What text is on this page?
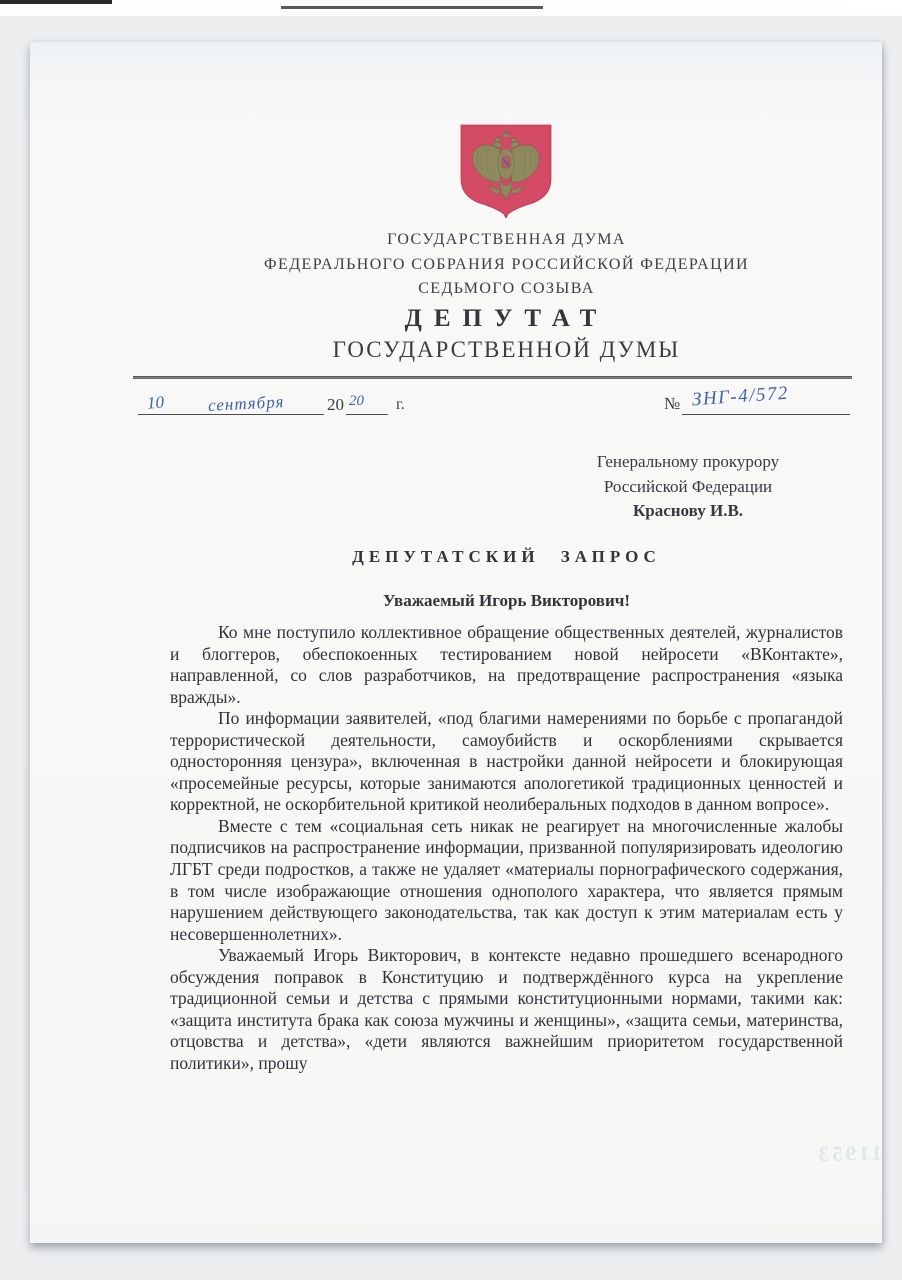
ГОСУДАРСТВЕННАЯ ДУМА
ФЕДЕРАЛЬНОГО СОБРАНИЯ РОССИЙСКОЙ ФЕДЕРАЦИИ
СЕДЬМОГО СОЗЫВА
ДЕПУТАТ
ГОСУДАРСТВЕННОЙ ДУМЫ
10	сентября 20 20 г.	№ ЗНГ-4/572
Генеральному прокурору
Российской Федерации
Краснову И.В.
ДЕПУТАТСКИЙ ЗАПРОС
Уважаемый Игорь Викторович!

Ко мне поступило коллективное обращение общественных деятелей, журналистов и блоггеров, обеспокоенных тестированием новой нейросети «ВКонтакте», направленной, со слов разработчиков, на предотвращение распространения «языка вражды».

По информации заявителей, «под благими намерениями по борьбе с пропагандой террористической деятельности, самоубийств и оскорблениями скрывается односторонняя цензура», включенная в настройки данной нейросети и блокирующая «просемейные ресурсы, которые занимаются апологетикой традиционных ценностей и корректной, не оскорбительной критикой неолиберальных подходов в данном вопросе».

Вместе с тем «социальная сеть никак не реагирует на многочисленные жалобы подписчиков на распространение информации, призванной популяризировать идеологию ЛГБТ среди подростков, а также не удаляет «материалы порнографического содержания, в том числе изображающие отношения однополого характера, что является прямым нарушением действующего законодательства, так как доступ к этим материалам есть у несовершеннолетних».

Уважаемый Игорь Викторович, в контексте недавно прошедшего всенародного обсуждения поправок в Конституцию и подтверждённого курса на укрепление традиционной семьи и детства с прямыми конституционными нормами, такими как: «защита института брака как союза мужчины и женщины», «защита семьи, материнства, отцовства и детства», «дети являются важнейшим приоритетом государственной политики», прошу

11953
